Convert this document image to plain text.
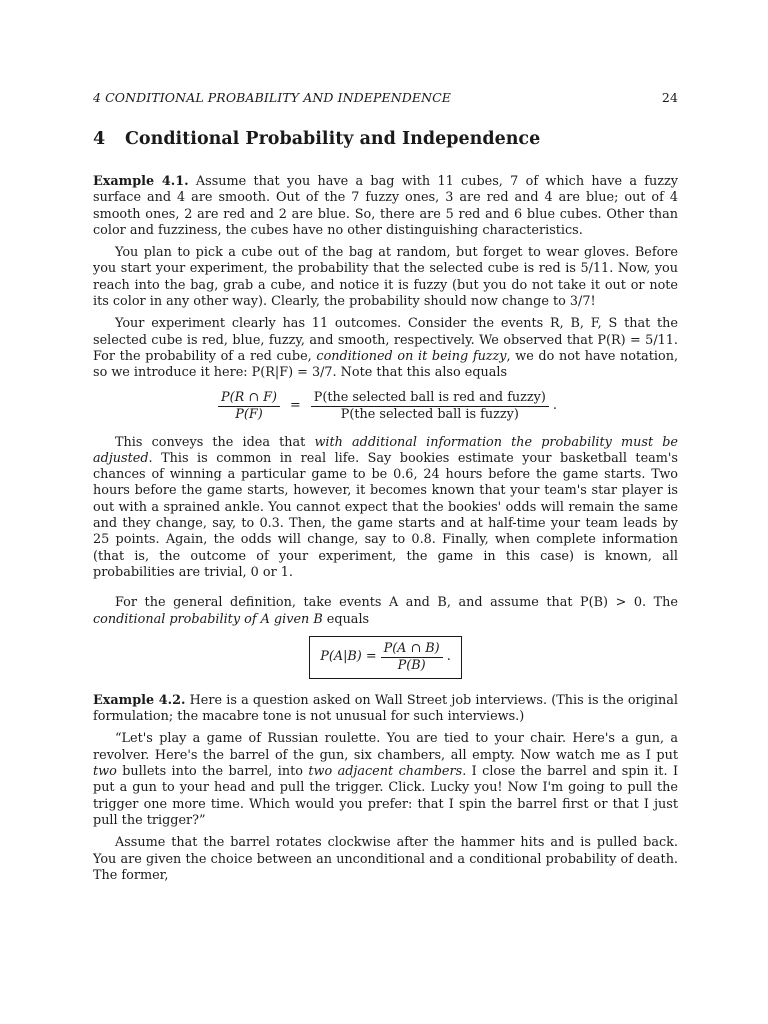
4 CONDITIONAL PROBABILITY AND INDEPENDENCE	24
4 Conditional Probability and Independence

Example 4.1. Assume that you have a bag with 11 cubes, 7 of which have a fuzzy surface and 4 are smooth. Out of the 7 fuzzy ones, 3 are red and 4 are blue; out of 4 smooth ones, 2 are red and 2 are blue. So, there are 5 red and 6 blue cubes. Other than color and fuzziness, the cubes have no other distinguishing characteristics.

You plan to pick a cube out of the bag at random, but forget to wear gloves. Before you start your experiment, the probability that the selected cube is red is 5/11. Now, you reach into the bag, grab a cube, and notice it is fuzzy (but you do not take it out or note its color in any other way). Clearly, the probability should now change to 3/7!

Your experiment clearly has 11 outcomes. Consider the events R, B, F, S that the selected cube is red, blue, fuzzy, and smooth, respectively. We observed that P(R) = 5/11. For the probability of a red cube, conditioned on it being fuzzy, we do not have notation, so we introduce it here: P(R|F) = 3/7. Note that this also equals

$\frac{P(R \cap F)}{P(F)} = \frac{\text{P(the selected ball is red and fuzzy)}}{\text{P(the selected ball is fuzzy)}}$ .

This conveys the idea that with additional information the probability must be adjusted. This is common in real life. Say bookies estimate your basketball team's chances of winning a particular game to be 0.6, 24 hours before the game starts. Two hours before the game starts, however, it becomes known that your team's star player is out with a sprained ankle. You cannot expect that the bookies' odds will remain the same and they change, say, to 0.3. Then, the game starts and at half-time your team leads by 25 points. Again, the odds will change, say to 0.8. Finally, when complete information (that is, the outcome of your experiment, the game in this case) is known, all probabilities are trivial, 0 or 1.

For the general definition, take events A and B, and assume that P(B) > 0. The conditional probability of A given B equals

$P(A|B) = \frac{P(A \cap B)}{P(B)}$ .

Example 4.2. Here is a question asked on Wall Street job interviews. (This is the original formulation; the macabre tone is not unusual for such interviews.)

“Let's play a game of Russian roulette. You are tied to your chair. Here's a gun, a revolver. Here's the barrel of the gun, six chambers, all empty. Now watch me as I put two bullets into the barrel, into two adjacent chambers. I close the barrel and spin it. I put a gun to your head and pull the trigger. Click. Lucky you! Now I'm going to pull the trigger one more time. Which would you prefer: that I spin the barrel first or that I just pull the trigger?”

Assume that the barrel rotates clockwise after the hammer hits and is pulled back. You are given the choice between an unconditional and a conditional probability of death. The former,
